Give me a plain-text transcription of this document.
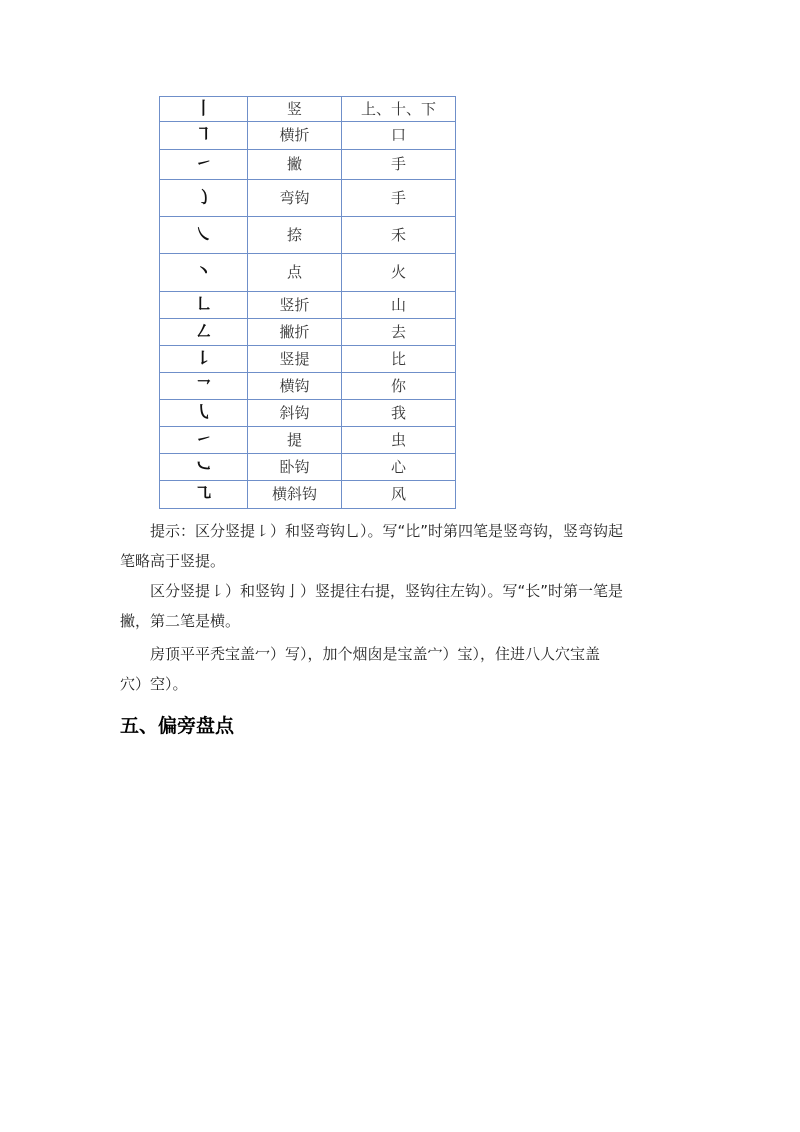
丨	竖	上、十、下
㇕	横折	口
㇀	撇	手
㇁	弯钩	手
㇏	捺	禾
丶	点	火
㇗	竖折	山
㇜	撇折	去
㇙	竖提	比
㇖	横钩	你
㇂	斜钩	我
㇀	提	虫
㇃	卧钩	心
㇈	横斜钩	风

提示：区分竖提㇙）和竖弯钩乚）。写“比”时第四笔是竖弯钩，竖弯钩起
笔略高于竖提。

区分竖提㇙）和竖钩亅）竖提往右提，竖钩往左钩）。写“长”时第一笔是
撇，第二笔是横。

房顶平平秃宝盖冖）写），加个烟囱是宝盖宀）宝），住进八人穴宝盖
穴）空）。

五、偏旁盘点
